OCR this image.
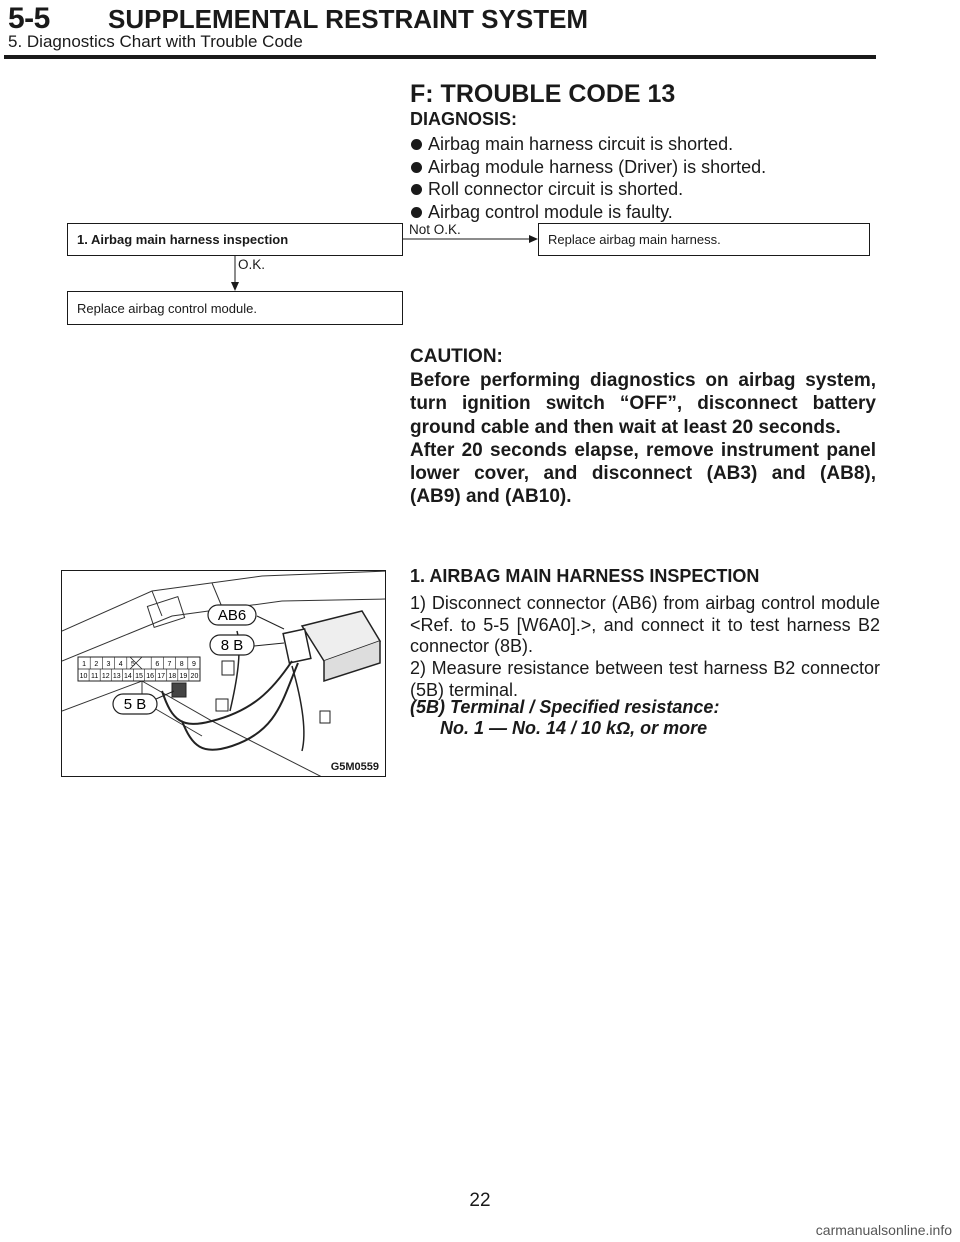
5-5 SUPPLEMENTAL RESTRAINT SYSTEM
5. Diagnostics Chart with Trouble Code
F: TROUBLE CODE 13
DIAGNOSIS:
Airbag main harness circuit is shorted.
Airbag module harness (Driver) is shorted.
Roll connector circuit is shorted.
Airbag control module is faulty.
1. Airbag main harness inspection
Not O.K.
Replace airbag main harness.
O.K.
Replace airbag control module.
CAUTION:

Before performing diagnostics on airbag system, turn ignition switch “OFF”, disconnect battery ground cable and then wait at least 20 seconds.

After 20 seconds elapse, remove instrument panel lower cover, and disconnect (AB3) and (AB8), (AB9) and (AB10).

AB6
8 B
5 B
1 2 3 4 5	6 7 8 9
10 11 12 13 14 15 16 17 18 19 20
G5M0559
1. AIRBAG MAIN HARNESS INSPECTION
1) Disconnect connector (AB6) from airbag control module <Ref. to 5-5 [W6A0].>, and connect it to test harness B2 connector (8B).
2) Measure resistance between test harness B2 connector (5B) terminal.
(5B) Terminal / Specified resistance:
No. 1 — No. 14 / 10 kΩ, or more
22
carmanualsonline.info
